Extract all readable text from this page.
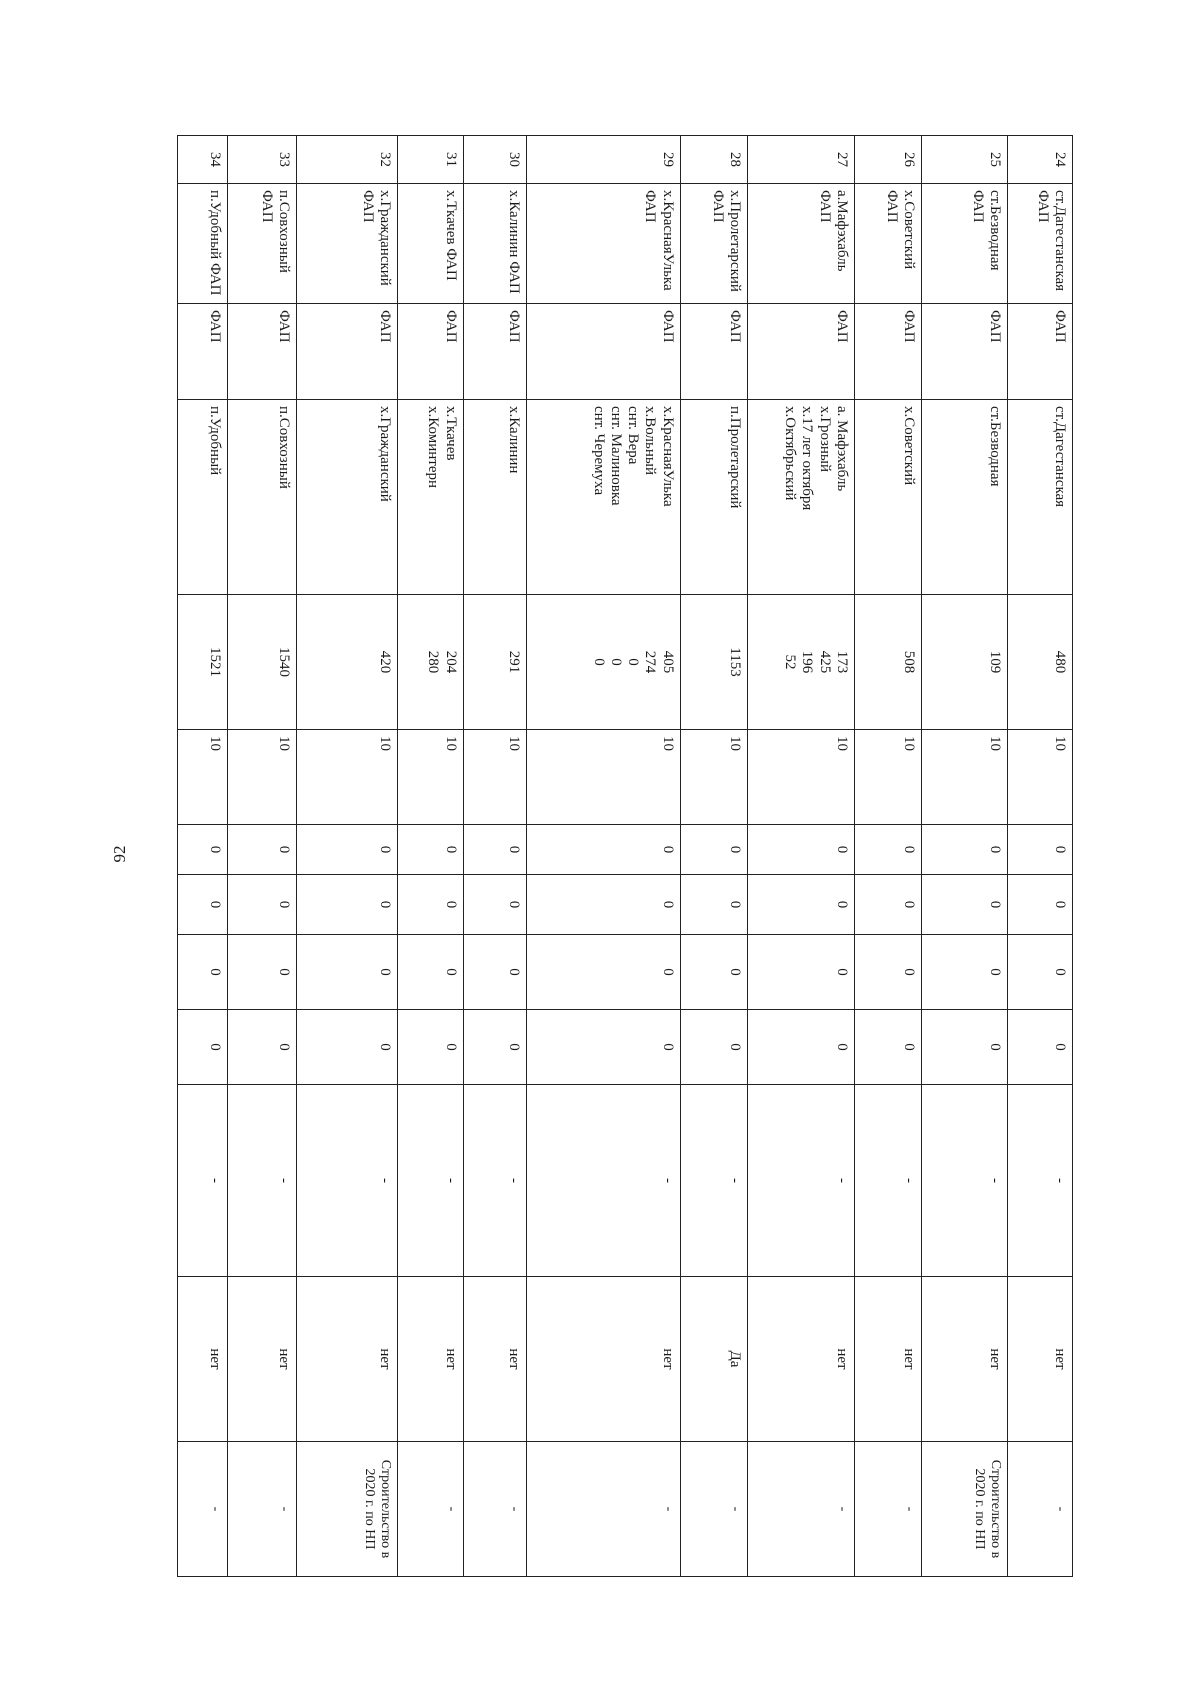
92
24	ст.Дагестанская ФАП	ФАП	ст.Дагестанская	480	10	0	0	0	0	-	нет	-
25	ст.Безводная ФАП	ФАП	ст.Безводная	109	10	0	0	0	0	-	нет	Строительство в 2020 г. по НП
26	х.Советский ФАП	ФАП	х.Советский	508	10	0	0	0	0	-	нет	-
27	а.Мафэхабль ФАП	ФАП	а. Мафэхабль
х.Грозный
х.17 лет октября
х.Октябрьский	173
425
196
52	10	0	0	0	0	-	нет	-
28	х.Пролетарский ФАП	ФАП	п.Пролетарский	1153	10	0	0	0	0	-	Да	-
29	х.КраснаяУлька ФАП	ФАП	х.КраснаяУлька
х.Вольный
снт. Вера
снт. Малиновка
снт. Черемуха	405
274
0
0
0	10	0	0	0	0	-	нет	-
30	х.Калинин ФАП	ФАП	х.Калинин	291	10	0	0	0	0	-	нет	-
31	х.Ткачев ФАП	ФАП	х.Ткачев
х.Коминтерн	204
280	10	0	0	0	0	-	нет	-
32	х.Гражданский ФАП	ФАП	х.Гражданский	420	10	0	0	0	0	-	нет	Строительство в 2020 г. по НП
33	п.Совхозный ФАП	ФАП	п.Совхозный	1540	10	0	0	0	0	-	нет	-
34	п.Удобный ФАП	ФАП	п.Удобный	1521	10	0	0	0	0	-	нет	-
